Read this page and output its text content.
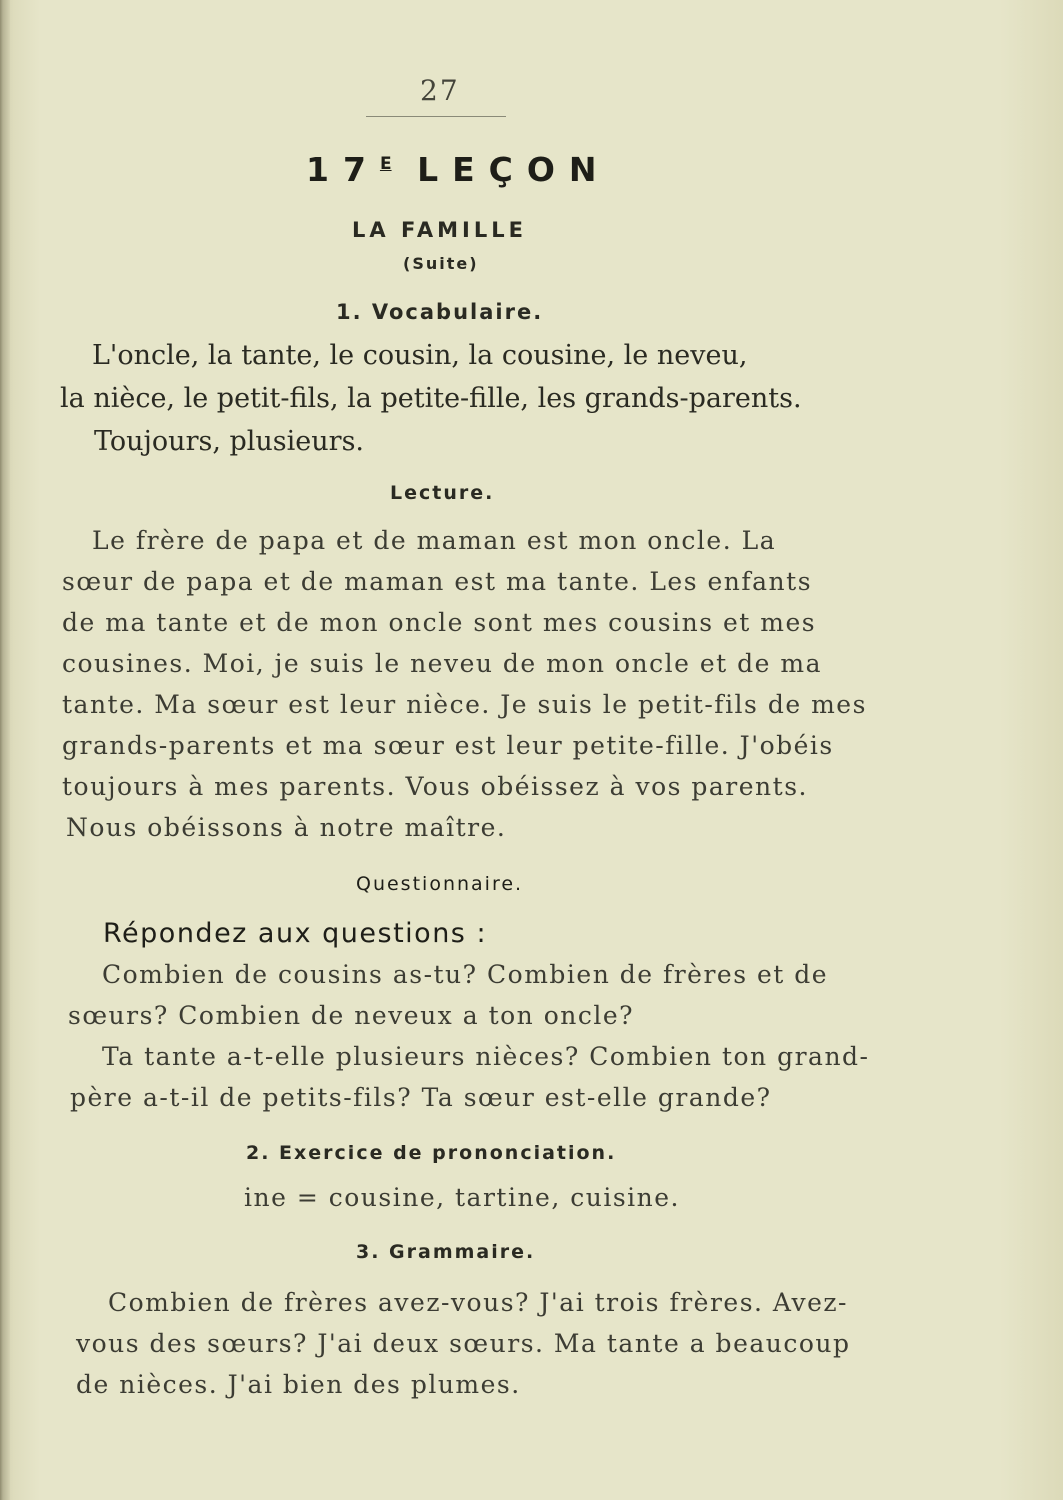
27
$17^E$ LEÇON
LA FAMILLE
(Suite)
1. Vocabulaire.
L'oncle, la tante, le cousin, la cousine, le neveu,
la nièce, le petit-fils, la petite-fille, les grands-parents.
Toujours, plusieurs.
Lecture.
Le frère de papa et de maman est mon oncle. La
sœur de papa et de maman est ma tante. Les enfants
de ma tante et de mon oncle sont mes cousins et mes
cousines. Moi, je suis le neveu de mon oncle et de ma
tante. Ma sœur est leur nièce. Je suis le petit-fils de mes
grands-parents et ma sœur est leur petite-fille. J'obéis
toujours à mes parents. Vous obéissez à vos parents.
Nous obéissons à notre maître.
Questionnaire.
Répondez aux questions :
Combien de cousins as-tu? Combien de frères et de
sœurs? Combien de neveux a ton oncle?
Ta tante a-t-elle plusieurs nièces? Combien ton grand-
père a-t-il de petits-fils? Ta sœur est-elle grande?
2. Exercice de prononciation.
ine = cousine, tartine, cuisine.
3. Grammaire.
Combien de frères avez-vous? J'ai trois frères. Avez-
vous des sœurs? J'ai deux sœurs. Ma tante a beaucoup
de nièces. J'ai bien des plumes.
